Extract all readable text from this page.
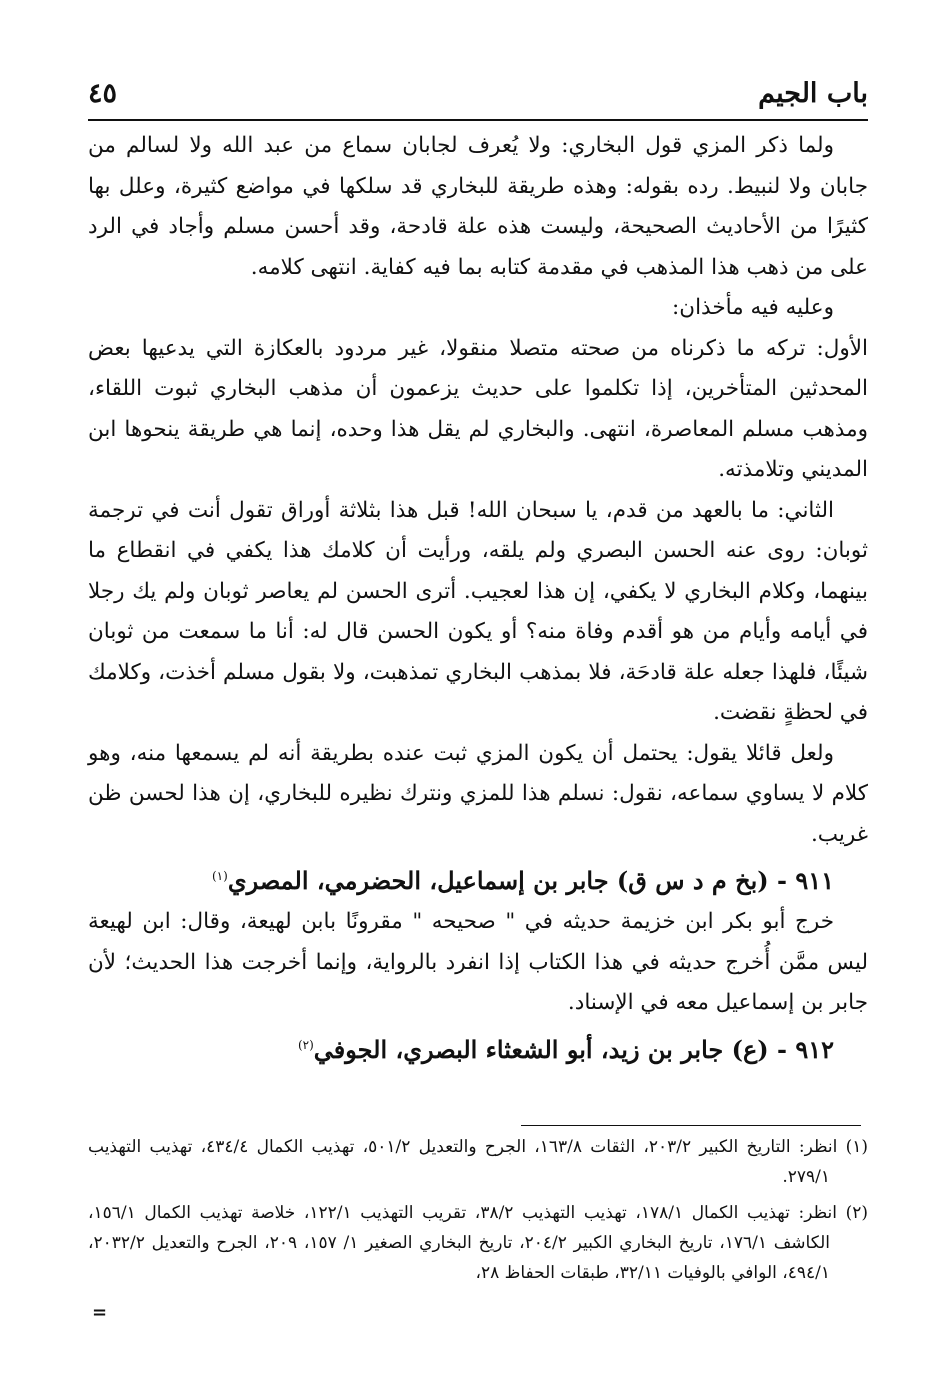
باب الجيم
٤٥

ولما ذكر المزي قول البخاري: ولا يُعرف لجابان سماع من عبد الله ولا لسالم من جابان ولا لنبيط. رده بقوله: وهذه طريقة للبخاري قد سلكها في مواضع كثيرة، وعلل بها كثيرًا من الأحاديث الصحيحة، وليست هذه علة قادحة، وقد أحسن مسلم وأجاد في الرد على من ذهب هذا المذهب في مقدمة كتابه بما فيه كفاية. انتهى كلامه.

وعليه فيه مأخذان:

الأول: تركه ما ذكرناه من صحته متصلا منقولا، غير مردود بالعكازة التي يدعيها بعض المحدثين المتأخرين، إذا تكلموا على حديث يزعمون أن مذهب البخاري ثبوت اللقاء، ومذهب مسلم المعاصرة، انتهى. والبخاري لم يقل هذا وحده، إنما هي طريقة ينحوها ابن المديني وتلامذته.

الثاني: ما بالعهد من قدم، يا سبحان الله! قبل هذا بثلاثة أوراق تقول أنت في ترجمة ثوبان: روى عنه الحسن البصري ولم يلقه، ورأيت أن كلامك هذا يكفي في انقطاع ما بينهما، وكلام البخاري لا يكفي، إن هذا لعجيب. أترى الحسن لم يعاصر ثوبان ولم يك رجلا في أيامه وأيام من هو أقدم وفاة منه؟ أو يكون الحسن قال له: أنا ما سمعت من ثوبان شيئًا، فلهذا جعله علة قادحَة، فلا بمذهب البخاري تمذهبت، ولا بقول مسلم أخذت، وكلامك في لحظةٍ نقضت.

ولعل قائلا يقول: يحتمل أن يكون المزي ثبت عنده بطريقة أنه لم يسمعها منه، وهو كلام لا يساوي سماعه، نقول: نسلم هذا للمزي ونترك نظيره للبخاري، إن هذا لحسن ظن غريب.

٩١١ - (بخ م د س ق) جابر بن إسماعيل، الحضرمي، المصري$^{(١)}$

خرج أبو بكر ابن خزيمة حديثه في " صحيحه " مقرونًا بابن لهيعة، وقال: ابن لهيعة ليس ممَّن أُخرج حديثه في هذا الكتاب إذا انفرد بالرواية، وإنما أخرجت هذا الحديث؛ لأن جابر بن إسماعيل معه في الإسناد.

٩١٢ - (ع) جابر بن زيد، أبو الشعثاء البصري، الجوفي$^{(٢)}$

(١) انظر: التاريخ الكبير ٢٠٣/٢، الثقات ١٦٣/٨، الجرح والتعديل ٥٠١/٢، تهذيب الكمال ٤٣٤/٤، تهذيب التهذيب ٢٧٩/١.

(٢) انظر: تهذيب الكمال ١٧٨/١، تهذيب التهذيب ٣٨/٢، تقريب التهذيب ١٢٢/١، خلاصة تهذيب الكمال ١٥٦/١، الكاشف ١٧٦/١، تاريخ البخاري الكبير ٢٠٤/٢، تاريخ البخاري الصغير ١/ ١٥٧، ٢٠٩، الجرح والتعديل ٢٠٣٢/٢، ٤٩٤/١، الوافي بالوفيات ٣٢/١١، طبقات الحفاظ ٢٨،

=
